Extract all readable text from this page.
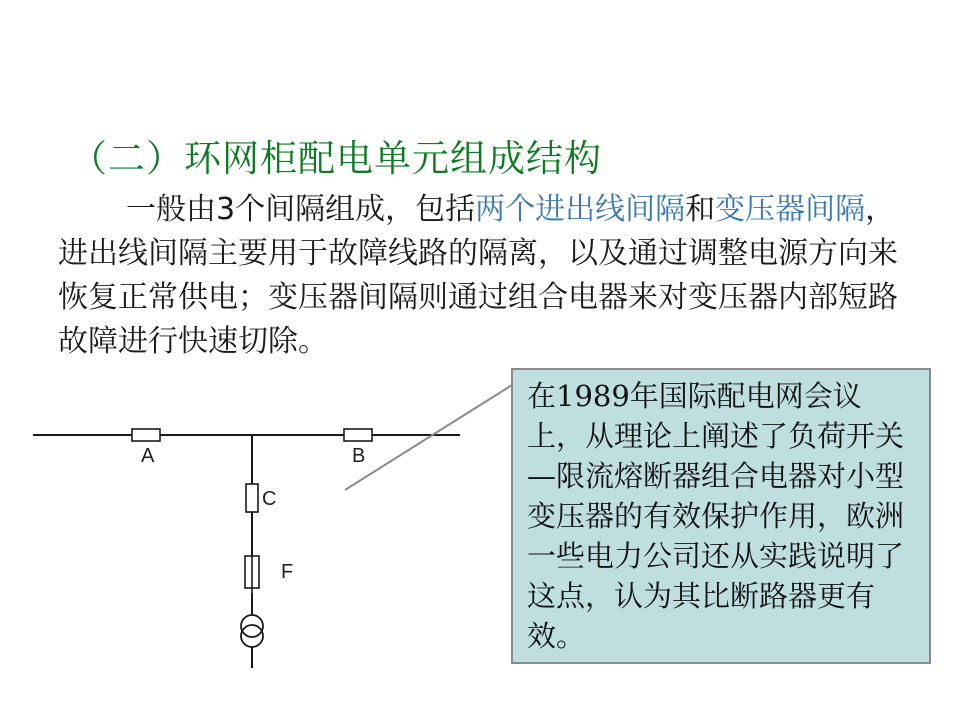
（二）环网柜配电单元组成结构
一般由3个间隔组成，包括两个进出线间隔和变压器间隔，进出线间隔主要用于故障线路的隔离，以及通过调整电源方向来恢复正常供电；变压器间隔则通过组合电器来对变压器内部短路故障进行快速切除。
A	B
C
F
在1989年国际配电网会议上，从理论上阐述了负荷开关—限流熔断器组合电器对小型变压器的有效保护作用，欧洲一些电力公司还从实践说明了这点，认为其比断路器更有效。
